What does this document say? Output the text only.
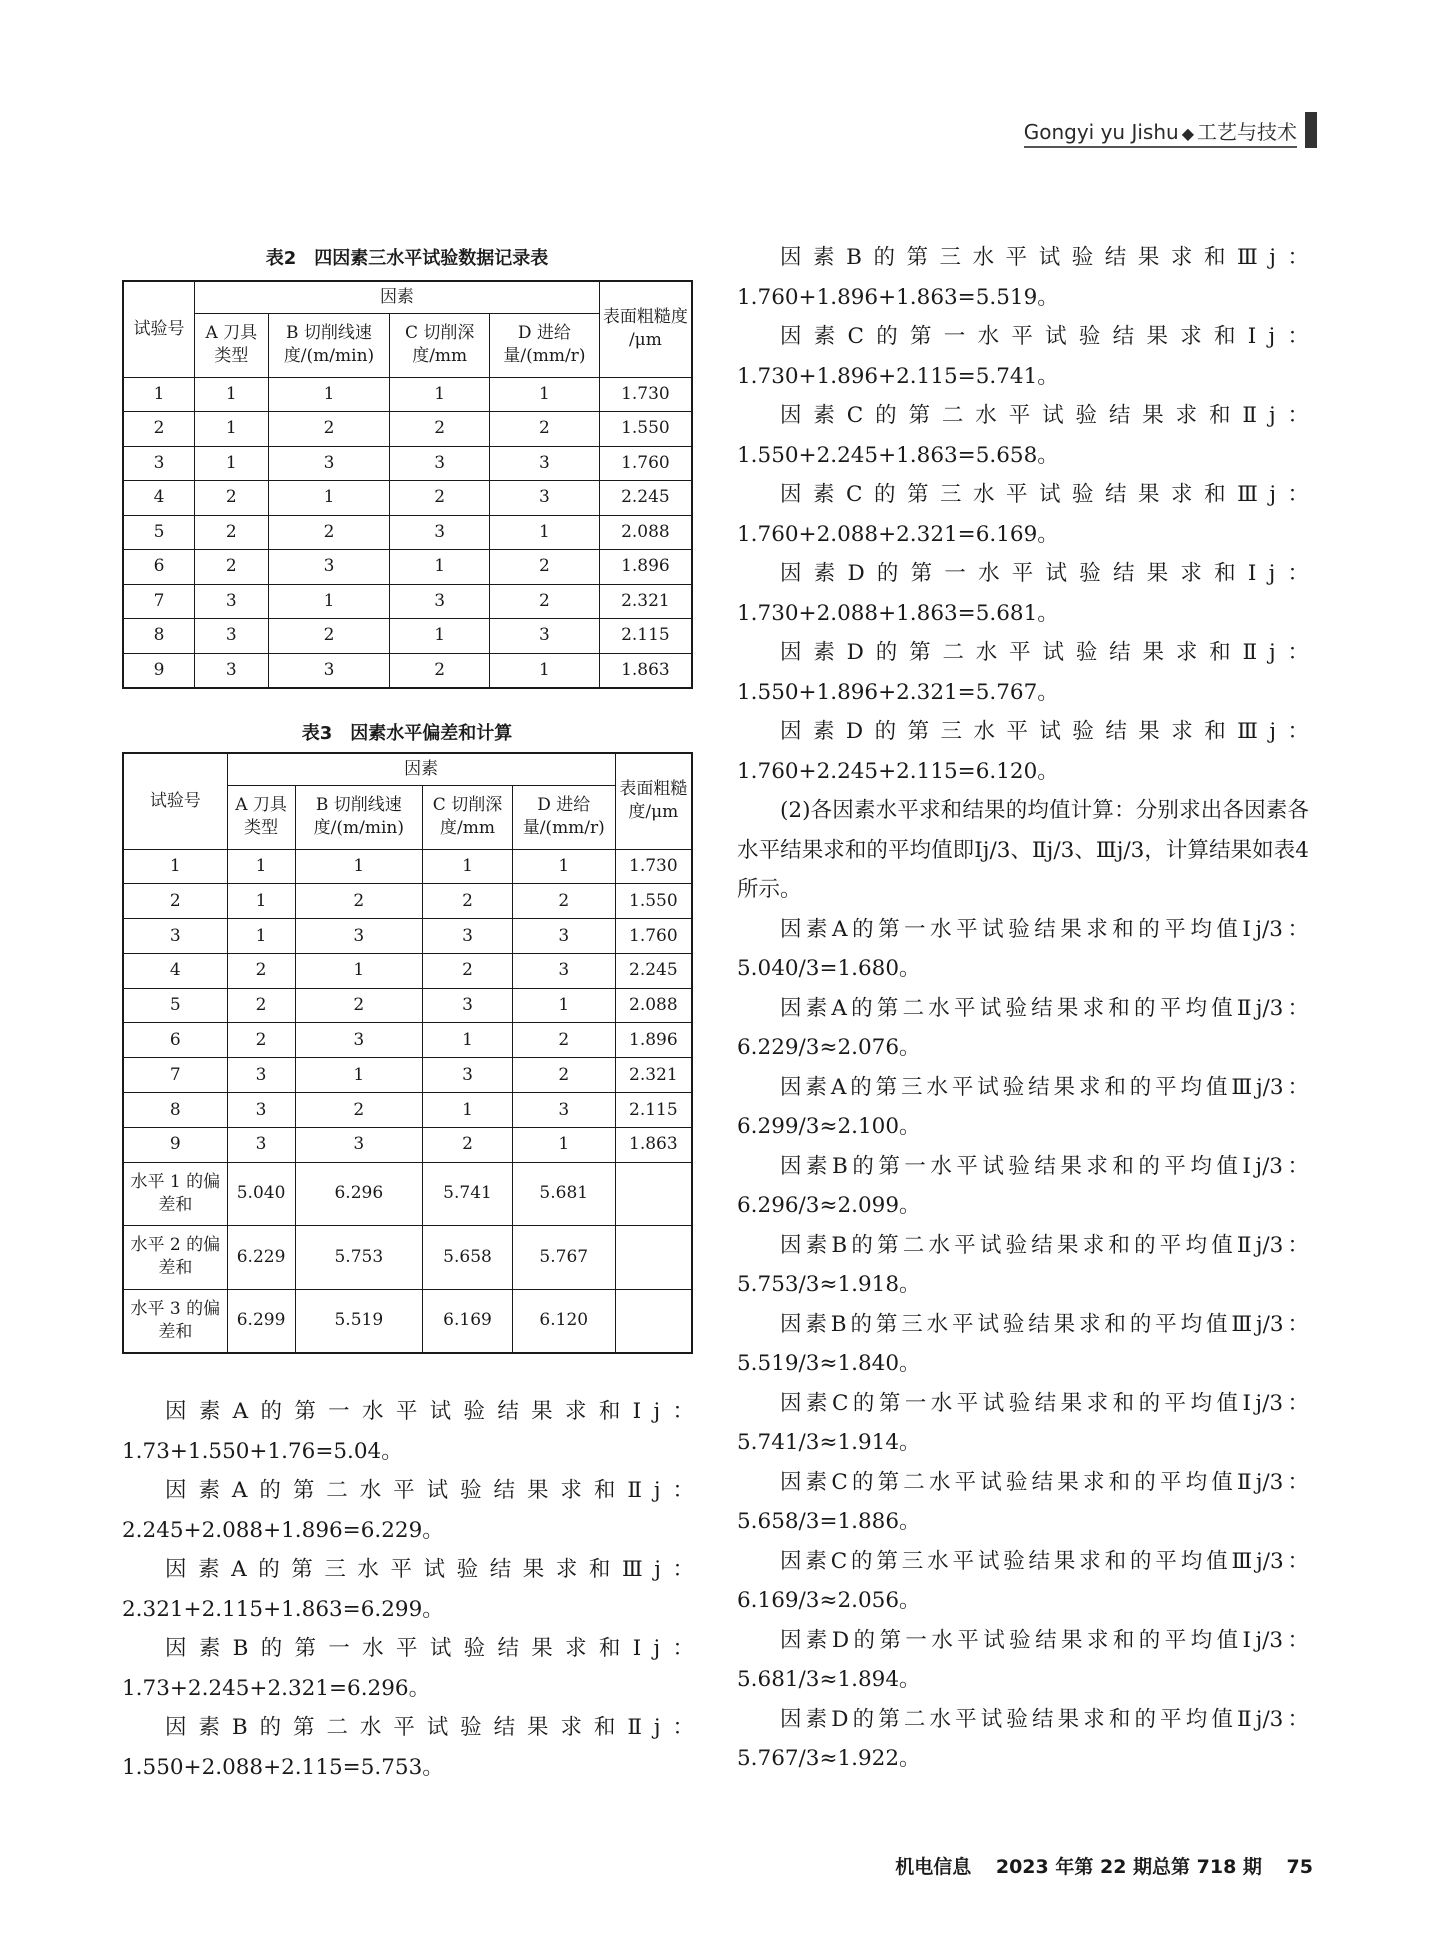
Gongyi yu Jishu ◆ 工艺与技术
表2　四因素三水平试验数据记录表
试验号	因素				表面粗糙度 /μm
	A 刀具类型	B 切削线速度/(m/min)	C 切削深度/mm	D 进给量/(mm/r)	
1	1	1	1	1	1.730
2	1	2	2	2	1.550
3	1	3	3	3	1.760
4	2	1	2	3	2.245
5	2	2	3	1	2.088
6	2	3	1	2	1.896
7	3	1	3	2	2.321
8	3	2	1	3	2.115
9	3	3	2	1	1.863
表3　因素水平偏差和计算
试验号	因素				表面粗糙度/μm
	A 刀具类型	B 切削线速度/(m/min)	C 切削深度/mm	D 进给量/(mm/r)	
1	1	1	1	1	1.730
2	1	2	2	2	1.550
3	1	3	3	3	1.760
4	2	1	2	3	2.245
5	2	2	3	1	2.088
6	2	3	1	2	1.896
7	3	1	3	2	2.321
8	3	2	1	3	2.115
9	3	3	2	1	1.863
水平 1 的偏差和	5.040	6.296	5.741	5.681	
水平 2 的偏差和	6.229	5.753	5.658	5.767	
水平 3 的偏差和	6.299	5.519	6.169	6.120	

因素A的第一水平试验结果求和Ⅰj：1.73+1.550+1.76=5.04。

因素A的第二水平试验结果求和Ⅱj：2.245+2.088+1.896=6.229。

因素A的第三水平试验结果求和Ⅲj：2.321+2.115+1.863=6.299。

因素B的第一水平试验结果求和Ⅰj：1.73+2.245+2.321=6.296。

因素B的第二水平试验结果求和Ⅱj：1.550+2.088+2.115=5.753。

因素B的第三水平试验结果求和Ⅲj：1.760+1.896+1.863=5.519。

因素C的第一水平试验结果求和Ⅰj：1.730+1.896+2.115=5.741。

因素C的第二水平试验结果求和Ⅱj：1.550+2.245+1.863=5.658。

因素C的第三水平试验结果求和Ⅲj：1.760+2.088+2.321=6.169。

因素D的第一水平试验结果求和Ⅰj：1.730+2.088+1.863=5.681。

因素D的第二水平试验结果求和Ⅱj：1.550+1.896+2.321=5.767。

因素D的第三水平试验结果求和Ⅲj：1.760+2.245+2.115=6.120。

(2)各因素水平求和结果的均值计算：分别求出各因素各水平结果求和的平均值即Ⅰj/3、Ⅱj/3、Ⅲj/3，计算结果如表4所示。

因素A的第一水平试验结果求和的平均值Ⅰj/3：5.040/3=1.680。

因素A的第二水平试验结果求和的平均值Ⅱj/3：6.229/3≈2.076。

因素A的第三水平试验结果求和的平均值Ⅲj/3：6.299/3≈2.100。

因素B的第一水平试验结果求和的平均值Ⅰj/3：6.296/3≈2.099。

因素B的第二水平试验结果求和的平均值Ⅱj/3：5.753/3≈1.918。

因素B的第三水平试验结果求和的平均值Ⅲj/3：5.519/3≈1.840。

因素C的第一水平试验结果求和的平均值Ⅰj/3：5.741/3≈1.914。

因素C的第二水平试验结果求和的平均值Ⅱj/3：5.658/3=1.886。

因素C的第三水平试验结果求和的平均值Ⅲj/3：6.169/3≈2.056。

因素D的第一水平试验结果求和的平均值Ⅰj/3：5.681/3≈1.894。

因素D的第二水平试验结果求和的平均值Ⅱj/3：5.767/3≈1.922。

机电信息 2023 年第 22 期总第 718 期 75
